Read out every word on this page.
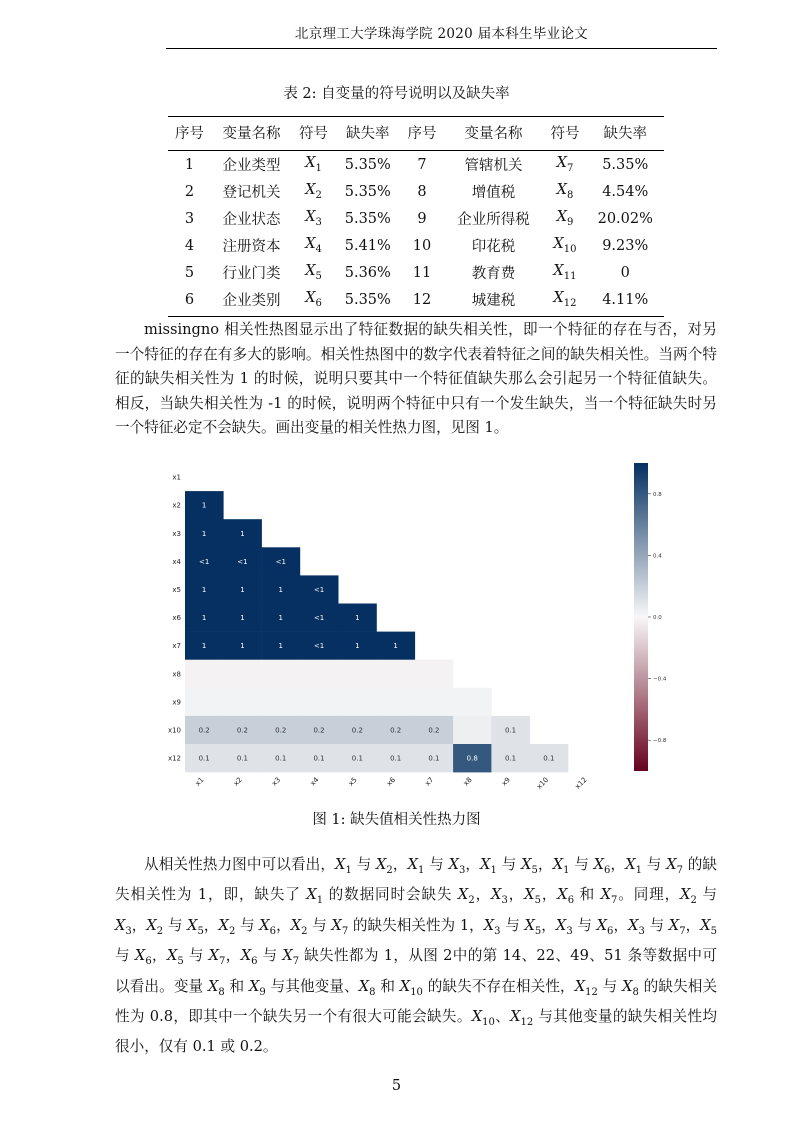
北京理工大学珠海学院 2020 届本科生毕业论文
表 2: 自变量的符号说明以及缺失率
序号	变量名称	符号	缺失率	序号	变量名称	符号	缺失率
1	企业类型	$X_1$	5.35%	7	管辖机关	$X_7$	5.35%
2	登记机关	$X_2$	5.35%	8	增值税	$X_8$	4.54%
3	企业状态	$X_3$	5.35%	9	企业所得税	$X_9$	20.02%
4	注册资本	$X_4$	5.41%	10	印花税	$X_{10}$	9.23%
5	行业门类	$X_5$	5.36%	11	教育费	$X_{11}$	0
6	企业类别	$X_6$	5.35%	12	城建税	$X_{12}$	4.11%

missingno 相关性热图显示出了特征数据的缺失相关性，即一个特征的存在与否，对另一个特征的存在有多大的影响。相关性热图中的数字代表着特征之间的缺失相关性。当两个特征的缺失相关性为 1 的时候，说明只要其中一个特征值缺失那么会引起另一个特征值缺失。相反，当缺失相关性为 -1 的时候，说明两个特征中只有一个发生缺失，当一个特征缺失时另一个特征必定不会缺失。画出变量的相关性热力图，见图 1。

1
1	1
<1	<1	<1
1	1	1	<1
1	1	1	<1	1
1	1	1	<1	1	1
0.2	0.2	0.2	0.2	0.2	0.2	0.2	0.1
0.1	0.1	0.1	0.1	0.1	0.1	0.1	0.8	0.1	0.1
x1
x2
x3
x4
x5
x6
x7
x8
x9
x10
x12
x1	x2	x3	x4	x5	x6	x7	x8	x9	x10	x12
0.8
0.4
0.0
−0.4
−0.8
图 1: 缺失值相关性热力图

从相关性热力图中可以看出，$X_1$ 与 $X_2$，$X_1$ 与 $X_3$，$X_1$ 与 $X_5$，$X_1$ 与 $X_6$，$X_1$ 与 $X_7$ 的缺失相关性为 1，即，缺失了 $X_1$ 的数据同时会缺失 $X_2$，$X_3$，$X_5$，$X_6$ 和 $X_7$。同理，$X_2$ 与 $X_3$，$X_2$ 与 $X_5$，$X_2$ 与 $X_6$，$X_2$ 与 $X_7$ 的缺失相关性为 1，$X_3$ 与 $X_5$，$X_3$ 与 $X_6$，$X_3$ 与 $X_7$，$X_5$ 与 $X_6$，$X_5$ 与 $X_7$，$X_6$ 与 $X_7$ 缺失性都为 1，从图 2中的第 14、22、49、51 条等数据中可以看出。变量 $X_8$ 和 $X_9$ 与其他变量、$X_8$ 和 $X_{10}$ 的缺失不存在相关性，$X_{12}$ 与 $X_8$ 的缺失相关性为 0.8，即其中一个缺失另一个有很大可能会缺失。$X_{10}$、$X_{12}$ 与其他变量的缺失相关性均很小，仅有 0.1 或 0.2。

5
